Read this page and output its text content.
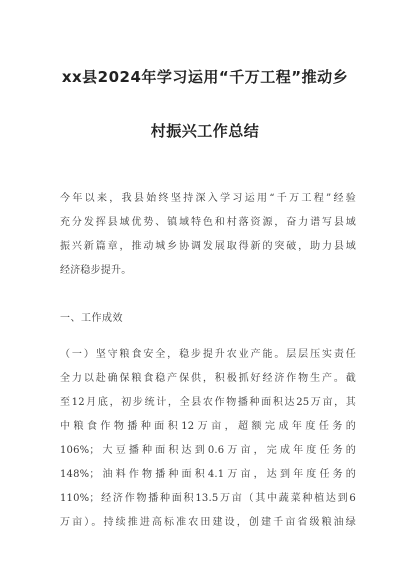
xx县2024年学习运用“千万工程”推动乡
村振兴工作总结
今年以来，我县始终坚持深入学习运用“千万工程”经验
充分发挥县域优势、镇域特色和村落资源，奋力谱写县域
振兴新篇章，推动城乡协调发展取得新的突破，助力县域
经济稳步提升。
一、工作成效
（一）坚守粮食安全，稳步提升农业产能。层层压实责任
全力以赴确保粮食稳产保供，积极抓好经济作物生产。截
至12月底，初步统计，全县农作物播种面积达25万亩，其
中粮食作物播种面积12万亩，超额完成年度任务的
106%；大豆播种面积达到0.6万亩，完成年度任务的
148%；油料作物播种面积4.1万亩，达到年度任务的
110%；经济作物播种面积13.5万亩（其中蔬菜种植达到6
万亩）。持续推进高标准农田建设，创建千亩省级粮油绿
